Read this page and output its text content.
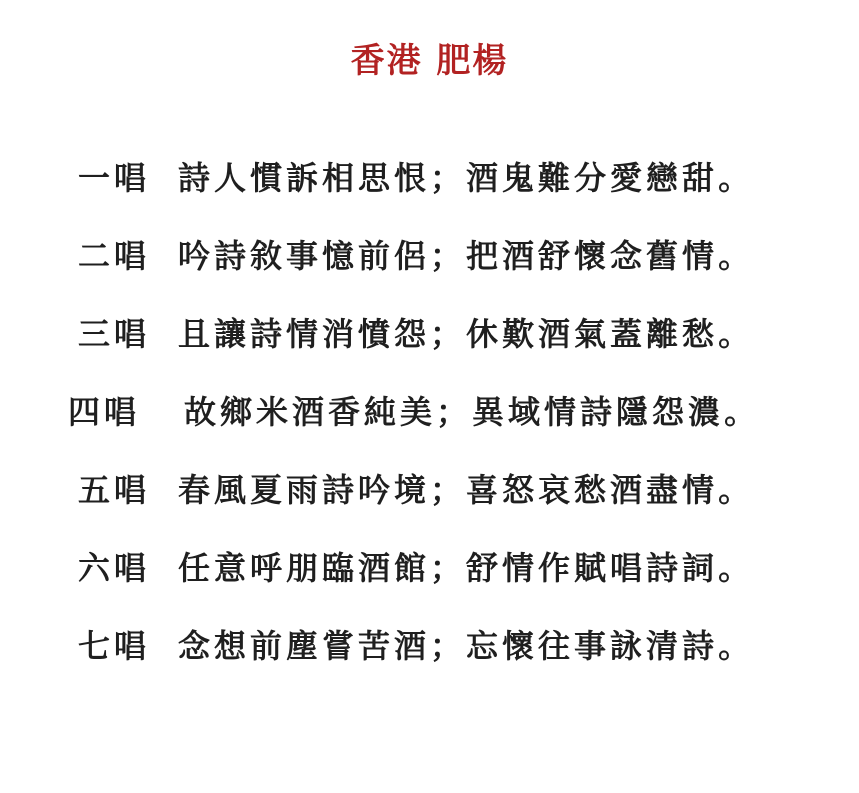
香港 肥楊
一唱 詩人慣訴相思恨；酒鬼難分愛戀甜。
二唱 吟詩敘事憶前侶；把酒舒懷念舊情。
三唱 且讓詩情消憤怨；休歎酒氣蓋離愁。
四唱 故鄉米酒香純美；異域情詩隱怨濃。
五唱 春風夏雨詩吟境；喜怒哀愁酒盡情。
六唱 任意呼朋臨酒館；舒情作賦唱詩詞。
七唱 念想前塵嘗苦酒；忘懷往事詠清詩。
